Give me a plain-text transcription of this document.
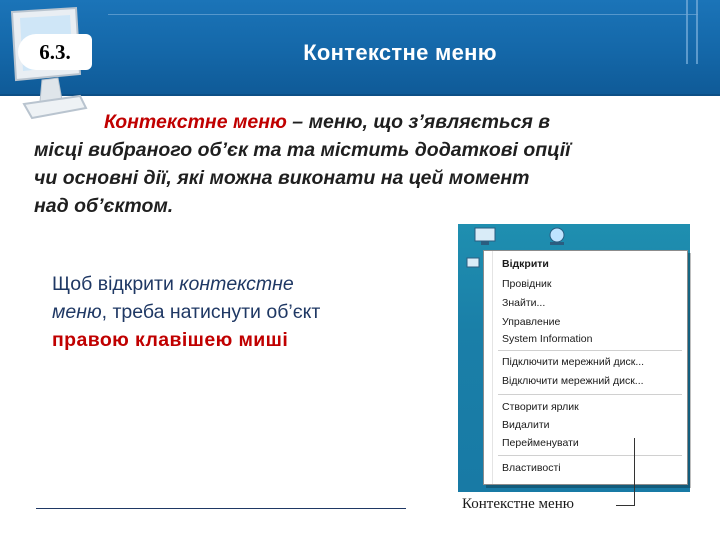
6.3.	Контекстне меню
Контекстне меню – меню, що з’являється в
місці вибраного об’єк та та містить додаткові опції
чи основні дії, які можна виконати на цей момент
над об’єктом.
Щоб відкрити контекстне
меню, треба натиснути об’єкт
правою клавішею миші
Відкрити
Провідник
Знайти...
Управление
System Information
Підключити мережний диск...
Відключити мережний диск...
Створити ярлик
Видалити
Перейменувати
Властивості
Контекстне меню
